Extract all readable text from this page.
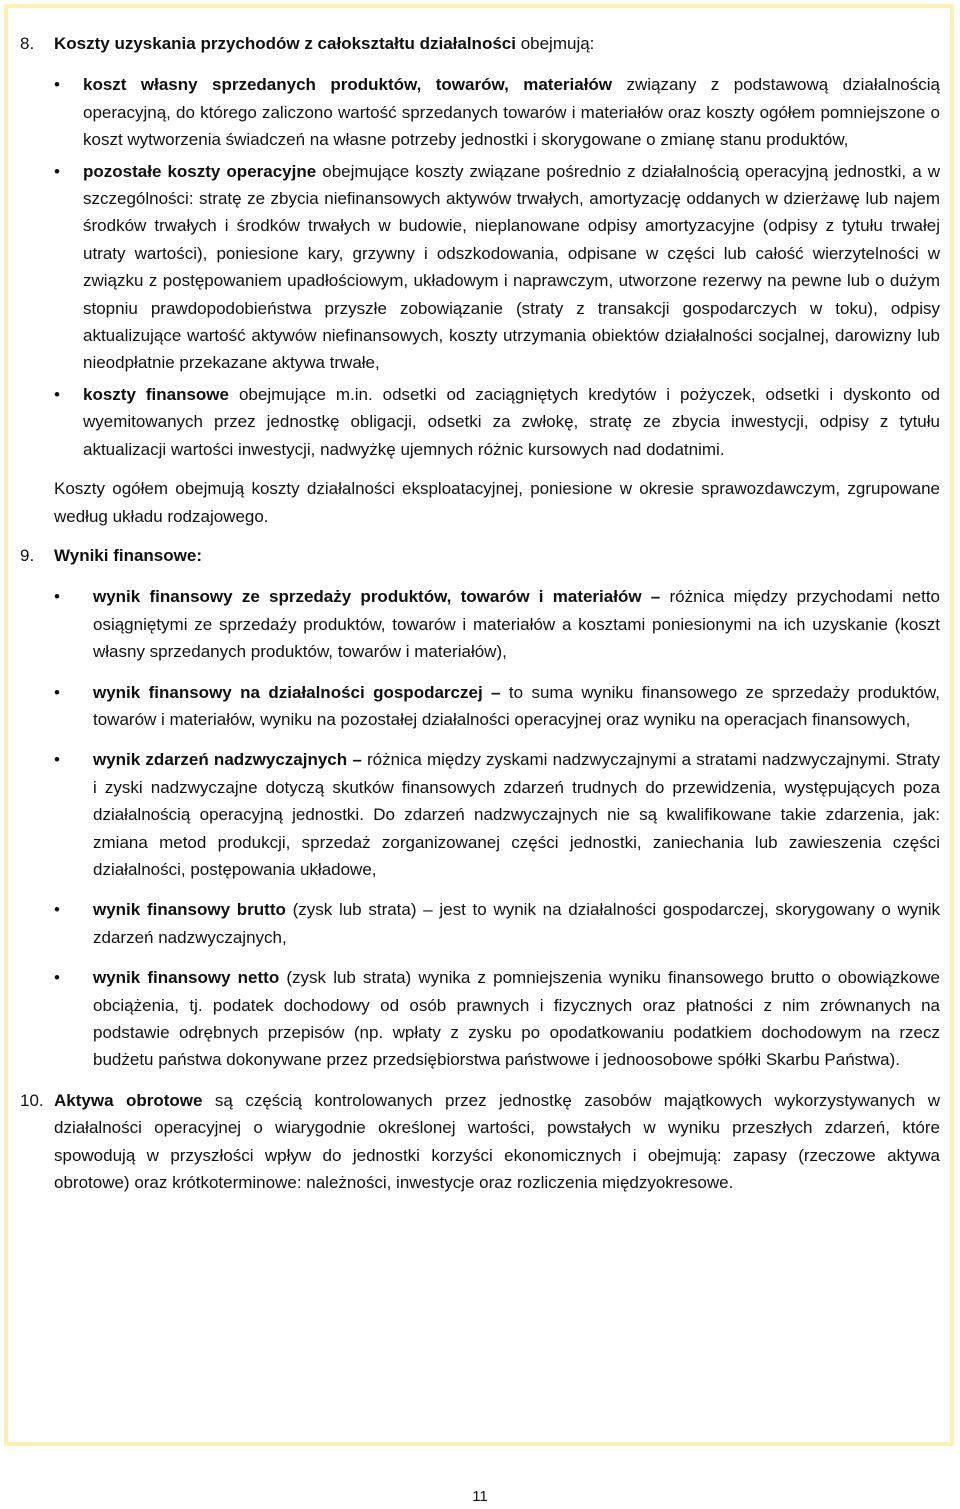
8. Koszty uzyskania przychodów z całokształtu działalności obejmują:
• koszt własny sprzedanych produktów, towarów, materiałów związany z podstawową działalnością operacyjną, do którego zaliczono wartość sprzedanych towarów i materiałów oraz koszty ogółem pomniejszone o koszt wytworzenia świadczeń na własne potrzeby jednostki i skorygowane o zmianę stanu produktów,
• pozostałe koszty operacyjne obejmujące koszty związane pośrednio z działalnością operacyjną jednostki, a w szczególności: stratę ze zbycia niefinansowych aktywów trwałych, amortyzację oddanych w dzierżawę lub najem środków trwałych i środków trwałych w budowie, nieplanowane odpisy amortyzacyjne (odpisy z tytułu trwałej utraty wartości), poniesione kary, grzywny i odszkodowania, odpisane w części lub całość wierzytelności w związku z postępowaniem upadłościowym, układowym i naprawczym, utworzone rezerwy na pewne lub o dużym stopniu prawdopodobieństwa przyszłe zobowiązanie (straty z transakcji gospodarczych w toku), odpisy aktualizujące wartość aktywów niefinansowych, koszty utrzymania obiektów działalności socjalnej, darowizny lub nieodpłatnie przekazane aktywa trwałe,
• koszty finansowe obejmujące m.in. odsetki od zaciągniętych kredytów i pożyczek, odsetki i dyskonto od wyemitowanych przez jednostkę obligacji, odsetki za zwłokę, stratę ze zbycia inwestycji, odpisy z tytułu aktualizacji wartości inwestycji, nadwyżkę ujemnych różnic kursowych nad dodatnimi.
Koszty ogółem obejmują koszty działalności eksploatacyjnej, poniesione w okresie sprawozdawczym, zgrupowane według układu rodzajowego.
9. Wyniki finansowe:
• wynik finansowy ze sprzedaży produktów, towarów i materiałów – różnica między przychodami netto osiągniętymi ze sprzedaży produktów, towarów i materiałów a kosztami poniesionymi na ich uzyskanie (koszt własny sprzedanych produktów, towarów i materiałów),
• wynik finansowy na działalności gospodarczej – to suma wyniku finansowego ze sprzedaży produktów, towarów i materiałów, wyniku na pozostałej działalności operacyjnej oraz wyniku na operacjach finansowych,
• wynik zdarzeń nadzwyczajnych – różnica między zyskami nadzwyczajnymi a stratami nadzwyczajnymi. Straty i zyski nadzwyczajne dotyczą skutków finansowych zdarzeń trudnych do przewidzenia, występujących poza działalnością operacyjną jednostki. Do zdarzeń nadzwyczajnych nie są kwalifikowane takie zdarzenia, jak: zmiana metod produkcji, sprzedaż zorganizowanej części jednostki, zaniechania lub zawieszenia części działalności, postępowania układowe,
• wynik finansowy brutto (zysk lub strata) – jest to wynik na działalności gospodarczej, skorygowany o wynik zdarzeń nadzwyczajnych,
• wynik finansowy netto (zysk lub strata) wynika z pomniejszenia wyniku finansowego brutto o obowiązkowe obciążenia, tj. podatek dochodowy od osób prawnych i fizycznych oraz płatności z nim zrównanych na podstawie odrębnych przepisów (np. wpłaty z zysku po opodatkowaniu podatkiem dochodowym na rzecz budżetu państwa dokonywane przez przedsiębiorstwa państwowe i jednoosobowe spółki Skarbu Państwa).
10. Aktywa obrotowe są częścią kontrolowanych przez jednostkę zasobów majątkowych wykorzystywanych w działalności operacyjnej o wiarygodnie określonej wartości, powstałych w wyniku przeszłych zdarzeń, które spowodują w przyszłości wpływ do jednostki korzyści ekonomicznych i obejmują: zapasy (rzeczowe aktywa obrotowe) oraz krótkoterminowe: należności, inwestycje oraz rozliczenia międzyokresowe.
11
